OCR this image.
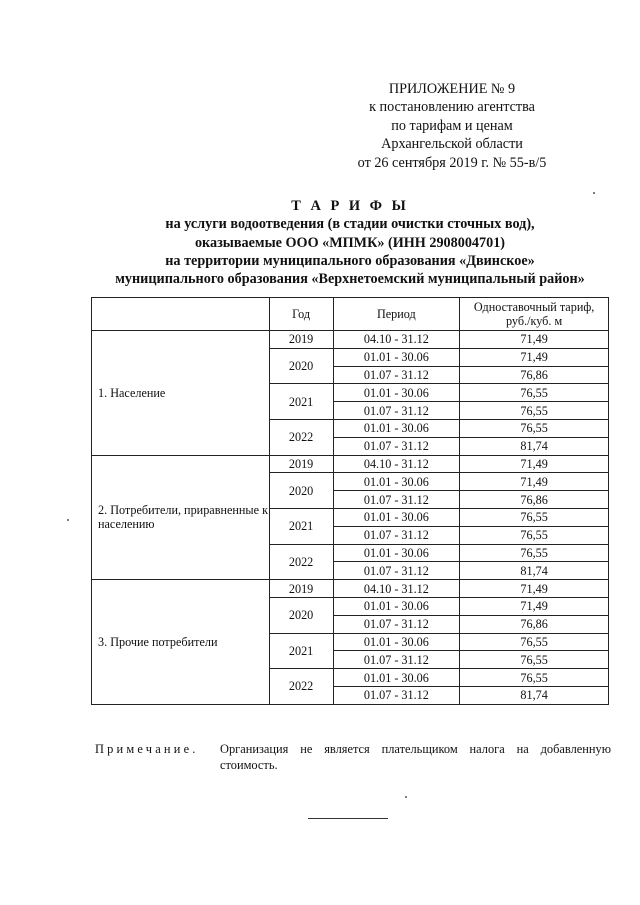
ПРИЛОЖЕНИЕ № 9
к постановлению агентства
по тарифам и ценам
Архангельской области
от 26 сентября 2019 г. № 55-в/5
Т А Р И Ф Ы
на услуги водоотведения (в стадии очистки сточных вод),
оказываемые ООО «МПМК» (ИНН 2908004701)
на территории муниципального образования «Двинское»
муниципального образования «Верхнетоемский муниципальный район»
	Год	Период	Одноставочный тариф, руб./куб. м
1. Население	2019	04.10 - 31.12	71,49
	2020	01.01 - 30.06	71,49
		01.07 - 31.12	76,86
	2021	01.01 - 30.06	76,55
		01.07 - 31.12	76,55
	2022	01.01 - 30.06	76,55
		01.07 - 31.12	81,74
2. Потребители, приравненные к населению	2019	04.10 - 31.12	71,49
	2020	01.01 - 30.06	71,49
		01.07 - 31.12	76,86
	2021	01.01 - 30.06	76,55
		01.07 - 31.12	76,55
	2022	01.01 - 30.06	76,55
		01.07 - 31.12	81,74
3. Прочие потребители	2019	04.10 - 31.12	71,49
	2020	01.01 - 30.06	71,49
		01.07 - 31.12	76,86
	2021	01.01 - 30.06	76,55
		01.07 - 31.12	76,55
	2022	01.01 - 30.06	76,55
		01.07 - 31.12	81,74
Примечание. Организация не является плательщиком налога на добавленную стоимость.
